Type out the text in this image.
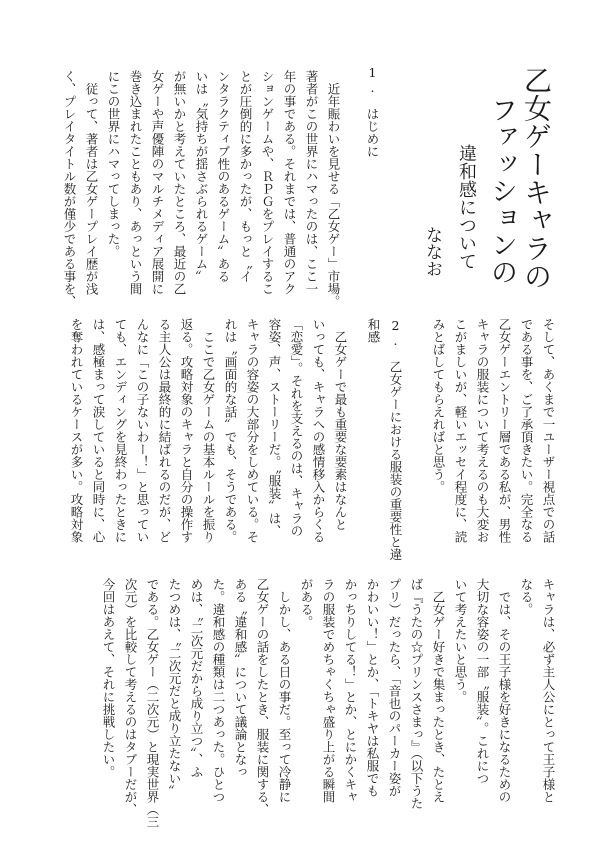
乙女ゲーキャラの
ファッションの
違和感について

ななお

1.　はじめに

　近年賑わいを見せる「乙女ゲー」市場。

著者がこの世界にハマったのは、ここ一

年の事である。それまでは、普通のアク

ションゲームや、ＲＰＧをプレイするこ

とが圧倒的に多かったが、もっと〝イ

ンタラクティブ性のあるゲーム〟ある

いは〝気持ちが揺さぶられるゲーム〟

が無いかと考えていたところ、最近の乙

女ゲーや声優陣のマルチメディア展開に

巻き込まれたこともあり、あっという間

にこの世界にハマってしまった。

　従って、著者は乙女ゲープレイ歴が浅

く、プレイタイトル数が僅少である事を、

そして、あくまで一ユーザー視点での話

である事を、ご了承頂きたい。完全なる

乙女ゲーエントリー層である私が、男性

キャラの服装について考えるのも大変お

こがましいが、軽いエッセイ程度に、読

みとばしてもらえればと思う。

2.　乙女ゲーにおける服装の重要性と違

和感

　乙女ゲーで最も重要な要素はなんと

いっても、キャラへの感情移入からくる

「恋愛」。それを支えるのは、キャラの

容姿、声、ストーリーだ。〝服装〟は、

キャラの容姿の大部分をしめている。そ

れは〝画面的な話〟でも、そうである。

　ここで乙女ゲームの基本ルールを振り

返る。攻略対象のキャラと自分の操作す

る主人公は最終的に結ばれるのだが、ど

んなに「この子ないわー！」と思ってい

ても、エンディングを見終わったときに

は、感極まって涙していると同時に、心

を奪われているケースが多い。攻略対象

キャラは、必ず主人公にとって王子様と

なる。

　では、その王子様を好きになるための

大切な容姿の一部〝服装〟。これにつ

いて考えたいと思う。

　乙女ゲー好きで集まったとき、たとえ

ば『うたの☆プリンスさまっ』（以下うた

プリ）だったら、「音也のパーカー姿が

かわいい！」とか、「トキヤは私服でも

かっちりしてる！」とか、とにかくキャ

ラの服装でめちゃくちゃ盛り上がる瞬間

がある。

　しかし、ある日の事だ。至って冷静に

乙女ゲーの話をしたとき、服装に関する、

ある〝違和感〟について議論となっ

た。違和感の種類は二つあった。ひとつ

めは、〝二次元だから成り立つ〟、ふ

たつめは、〝二次元だと成り立たない〟

である。乙女ゲー（二次元）と現実世界（三

次元）を比較して考えるのはタブーだが、

今回はあえて、それに挑戦したい。
